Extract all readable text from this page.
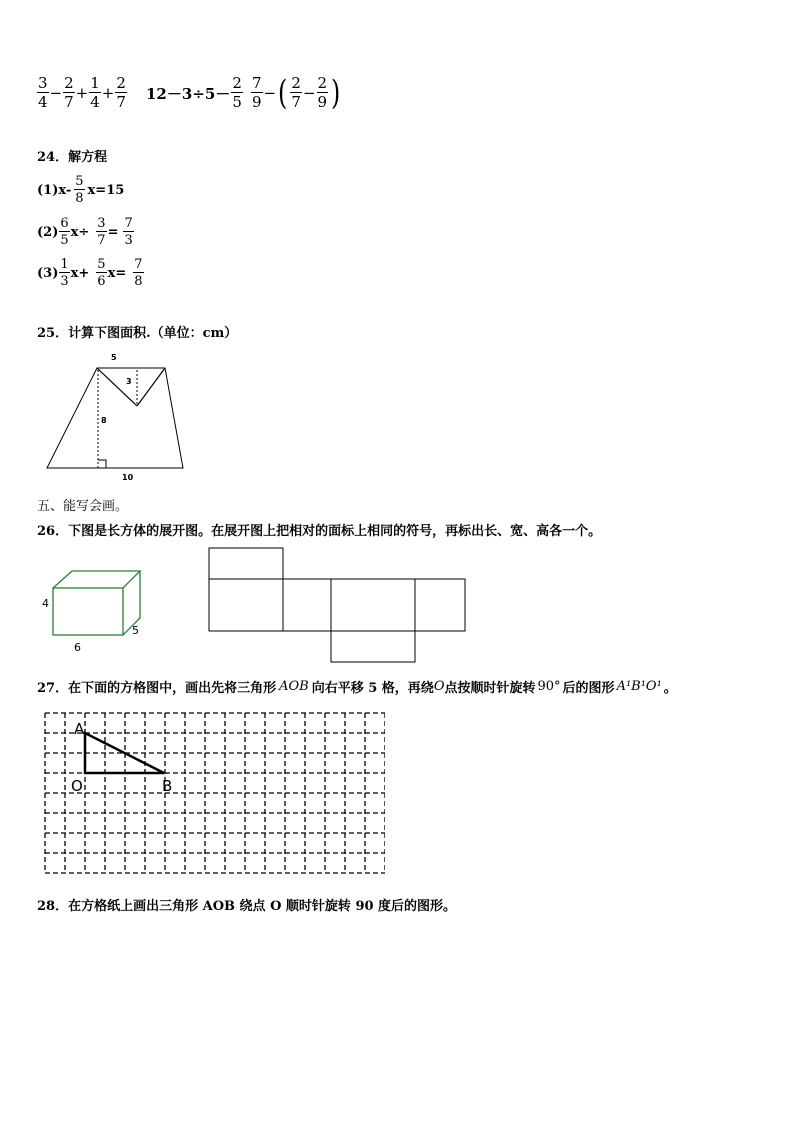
$\frac{3}{4} - \frac{2}{7} + \frac{1}{4} + \frac{2}{7} 12-3\div 5- \frac{2}{5} \frac{7}{9}$ − ( $\frac{2}{7} - \frac{2}{9}$ )
24．解方程
$(1)x- \frac{5}{8} x=15$
$(2) \frac{6}{5} x\div \frac{3}{7} = \frac{7}{3}$
$(3) \frac{1}{3} x+ \frac{5}{6} x= \frac{7}{8}$
25．计算下图面积.（单位：cm）
5
3
8
10
五、能写会画。
26．下图是长方体的展开图。在展开图上把相对的面标上相同的符号，再标出长、宽、高各一个。
4
6
5
27．在下面的方格图中，画出先将三角形 AOB 向右平移 5 格，再绕 O 点按顺时针旋转 90° 后的图形 A¹B¹O¹ 。
A
O	B
28．在方格纸上画出三角形 AOB 绕点 O 顺时针旋转 90 度后的图形。
